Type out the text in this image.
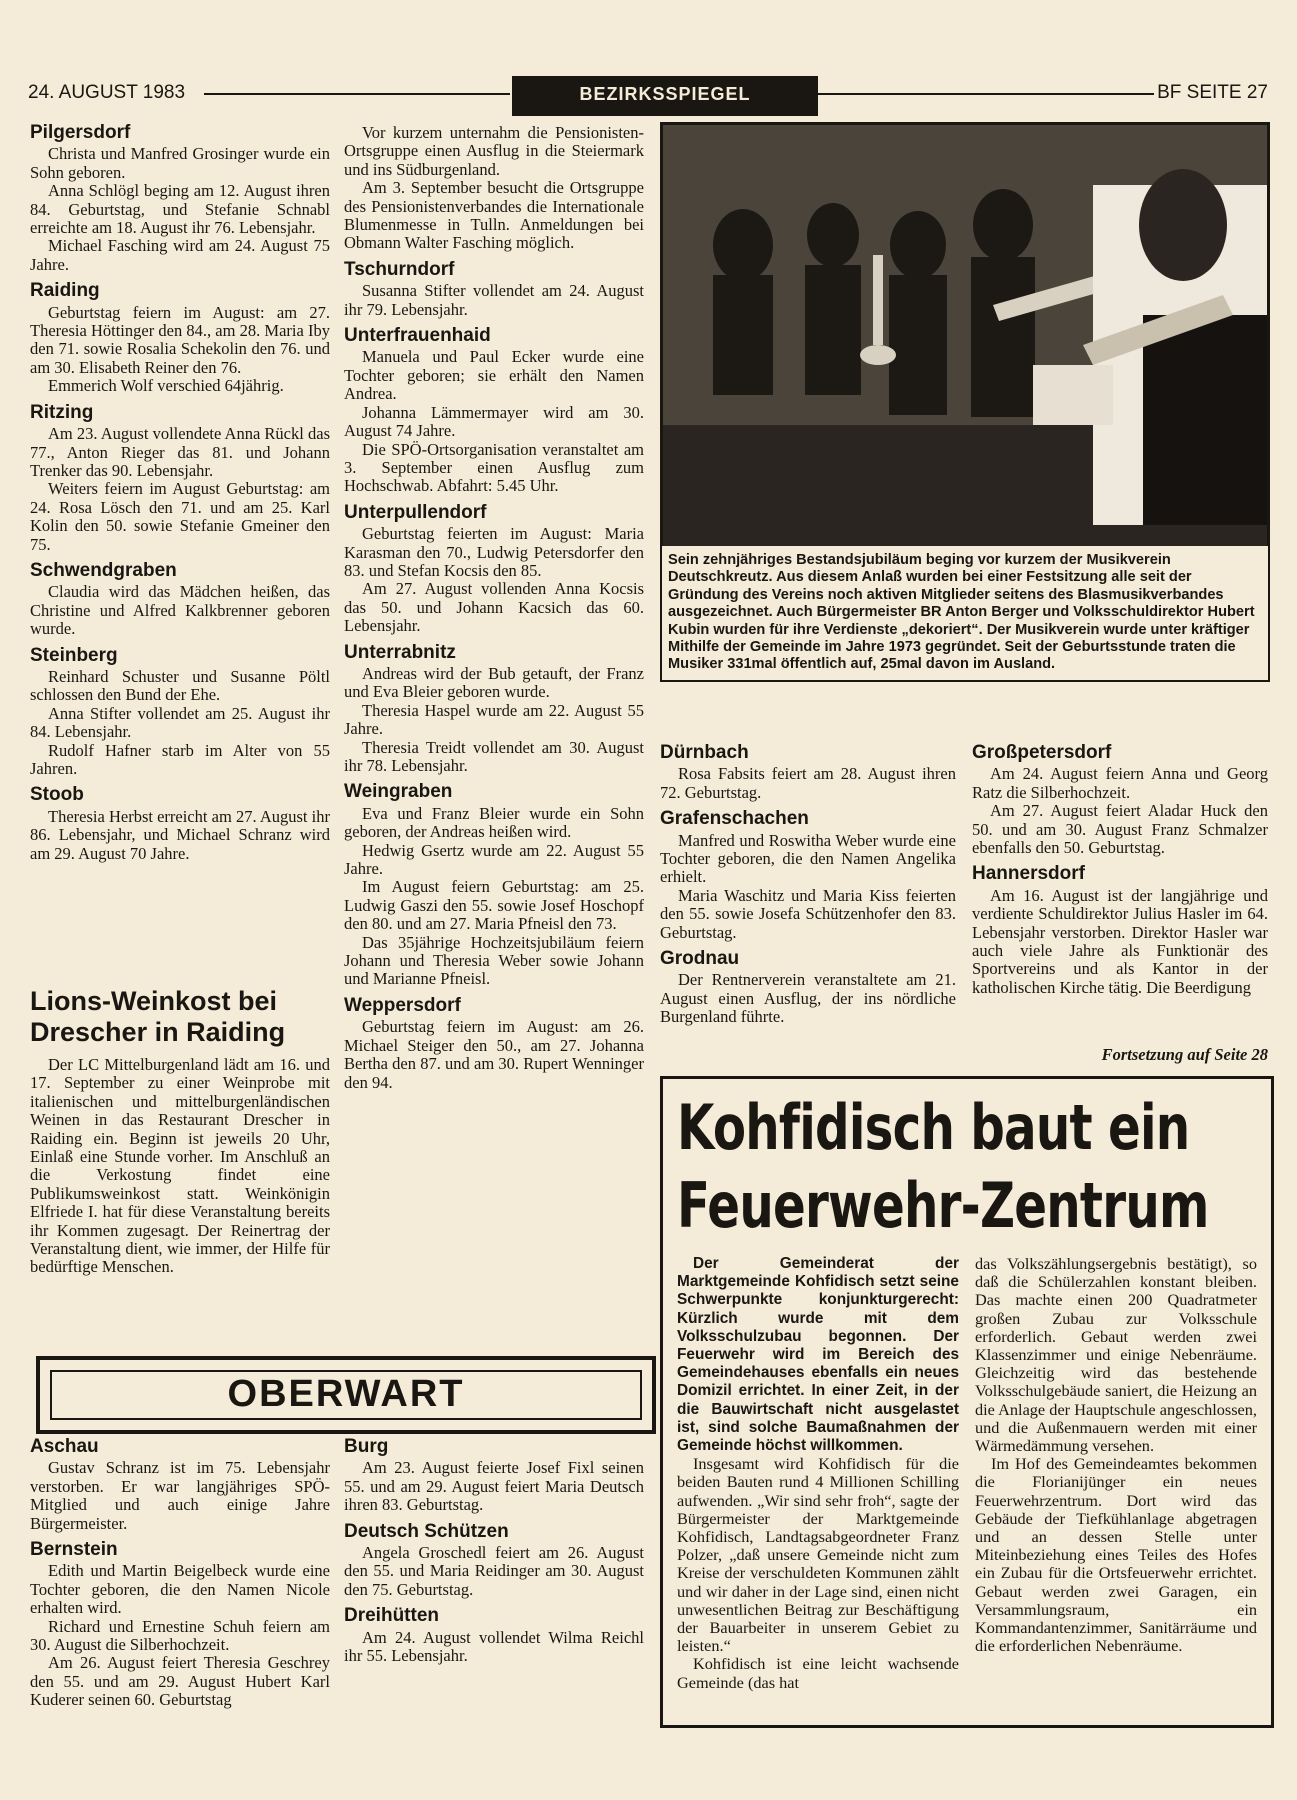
24. AUGUST 1983	BEZIRKSSPIEGEL	BF SEITE 27
Pilgersdorf

Christa und Manfred Grosinger wurde ein Sohn geboren.

Anna Schlögl beging am 12. August ihren 84. Geburtstag, und Stefanie Schnabl erreichte am 18. August ihr 76. Lebensjahr.

Michael Fasching wird am 24. August 75 Jahre.

Raiding

Geburtstag feiern im August: am 27. Theresia Höttinger den 84., am 28. Maria Iby den 71. sowie Rosalia Schekolin den 76. und am 30. Elisabeth Reiner den 76.

Emmerich Wolf verschied 64jährig.

Ritzing

Am 23. August vollendete Anna Rückl das 77., Anton Rieger das 81. und Johann Trenker das 90. Lebensjahr.

Weiters feiern im August Geburtstag: am 24. Rosa Lösch den 71. und am 25. Karl Kolin den 50. sowie Stefanie Gmeiner den 75.

Schwendgraben

Claudia wird das Mädchen heißen, das Christine und Alfred Kalkbrenner geboren wurde.

Steinberg

Reinhard Schuster und Susanne Pöltl schlossen den Bund der Ehe.

Anna Stifter vollendet am 25. August ihr 84. Lebensjahr.

Rudolf Hafner starb im Alter von 55 Jahren.

Stoob

Theresia Herbst erreicht am 27. August ihr 86. Lebensjahr, und Michael Schranz wird am 29. August 70 Jahre.

Lions-Weinkost bei Drescher in Raiding

Der LC Mittelburgenland lädt am 16. und 17. September zu einer Weinprobe mit italienischen und mittelburgenländischen Weinen in das Restaurant Drescher in Raiding ein. Beginn ist jeweils 20 Uhr, Einlaß eine Stunde vorher. Im Anschluß an die Verkostung findet eine Publikumsweinkost statt. Weinkönigin Elfriede I. hat für diese Veranstaltung bereits ihr Kommen zugesagt. Der Reinertrag der Veranstaltung dient, wie immer, der Hilfe für bedürftige Menschen.

Vor kurzem unternahm die Pensionisten-Ortsgruppe einen Ausflug in die Steiermark und ins Südburgenland.

Am 3. September besucht die Ortsgruppe des Pensionistenverbandes die Internationale Blumenmesse in Tulln. Anmeldungen bei Obmann Walter Fasching möglich.

Tschurndorf

Susanna Stifter vollendet am 24. August ihr 79. Lebensjahr.

Unterfrauenhaid

Manuela und Paul Ecker wurde eine Tochter geboren; sie erhält den Namen Andrea.

Johanna Lämmermayer wird am 30. August 74 Jahre.

Die SPÖ-Ortsorganisation veranstaltet am 3. September einen Ausflug zum Hochschwab. Abfahrt: 5.45 Uhr.

Unterpullendorf

Geburtstag feierten im August: Maria Karasman den 70., Ludwig Petersdorfer den 83. und Stefan Kocsis den 85.

Am 27. August vollenden Anna Kocsis das 50. und Johann Kacsich das 60. Lebensjahr.

Unterrabnitz

Andreas wird der Bub getauft, der Franz und Eva Bleier geboren wurde.

Theresia Haspel wurde am 22. August 55 Jahre.

Theresia Treidt vollendet am 30. August ihr 78. Lebensjahr.

Weingraben

Eva und Franz Bleier wurde ein Sohn geboren, der Andreas heißen wird.

Hedwig Gsertz wurde am 22. August 55 Jahre.

Im August feiern Geburtstag: am 25. Ludwig Gaszi den 55. sowie Josef Hoschopf den 80. und am 27. Maria Pfneisl den 73.

Das 35jährige Hochzeitsjubiläum feiern Johann und Theresia Weber sowie Johann und Marianne Pfneisl.

Weppersdorf

Geburtstag feiern im August: am 26. Michael Steiger den 50., am 27. Johanna Bertha den 87. und am 30. Rupert Wenninger den 94.

Sein zehnjähriges Bestandsjubiläum beging vor kurzem der Musikverein Deutschkreutz. Aus diesem Anlaß wurden bei einer Festsitzung alle seit der Gründung des Vereins noch aktiven Mitglieder seitens des Blasmusikverbandes ausgezeichnet. Auch Bürgermeister BR Anton Berger und Volksschuldirektor Hubert Kubin wurden für ihre Verdienste „dekoriert“. Der Musikverein wurde unter kräftiger Mithilfe der Gemeinde im Jahre 1973 gegründet. Seit der Geburtsstunde traten die Musiker 331mal öffentlich auf, 25mal davon im Ausland.
Dürnbach

Rosa Fabsits feiert am 28. August ihren 72. Geburtstag.

Grafenschachen

Manfred und Roswitha Weber wurde eine Tochter geboren, die den Namen Angelika erhielt.

Maria Waschitz und Maria Kiss feierten den 55. sowie Josefa Schützenhofer den 83. Geburtstag.

Grodnau

Der Rentnerverein veranstaltete am 21. August einen Ausflug, der ins nördliche Burgenland führte.

Großpetersdorf

Am 24. August feiern Anna und Georg Ratz die Silberhochzeit.

Am 27. August feiert Aladar Huck den 50. und am 30. August Franz Schmalzer ebenfalls den 50. Geburtstag.

Hannersdorf

Am 16. August ist der langjährige und verdiente Schuldirektor Julius Hasler im 64. Lebensjahr verstorben. Direktor Hasler war auch viele Jahre als Funktionär des Sportvereins und als Kantor in der katholischen Kirche tätig. Die Beerdigung

Fortsetzung auf Seite 28
OBERWART
Aschau

Gustav Schranz ist im 75. Lebensjahr verstorben. Er war langjähriges SPÖ-Mitglied und auch einige Jahre Bürgermeister.

Bernstein

Edith und Martin Beigelbeck wurde eine Tochter geboren, die den Namen Nicole erhalten wird.

Richard und Ernestine Schuh feiern am 30. August die Silberhochzeit.

Am 26. August feiert Theresia Geschrey den 55. und am 29. August Hubert Karl Kuderer seinen 60. Geburtstag

Burg

Am 23. August feierte Josef Fixl seinen 55. und am 29. August feiert Maria Deutsch ihren 83. Geburtstag.

Deutsch Schützen

Angela Groschedl feiert am 26. August den 55. und Maria Reidinger am 30. August den 75. Geburtstag.

Dreihütten

Am 24. August vollendet Wilma Reichl ihr 55. Lebensjahr.

Kohfidisch baut ein
Feuerwehr-Zentrum

Der Gemeinderat der Marktgemeinde Kohfidisch setzt seine Schwerpunkte konjunkturgerecht: Kürzlich wurde mit dem Volksschulzubau begonnen. Der Feuerwehr wird im Bereich des Gemeindehauses ebenfalls ein neues Domizil errichtet. In einer Zeit, in der die Bauwirtschaft nicht ausgelastet ist, sind solche Baumaßnahmen der Gemeinde höchst willkommen.

Insgesamt wird Kohfidisch für die beiden Bauten rund 4 Millionen Schilling aufwenden. „Wir sind sehr froh“, sagte der Bürgermeister der Marktgemeinde Kohfidisch, Landtagsabgeordneter Franz Polzer, „daß unsere Gemeinde nicht zum Kreise der verschuldeten Kommunen zählt und wir daher in der Lage sind, einen nicht unwesentlichen Beitrag zur Beschäftigung der Bauarbeiter in unserem Gebiet zu leisten.“

Kohfidisch ist eine leicht wachsende Gemeinde (das hat

das Volkszählungsergebnis bestätigt), so daß die Schülerzahlen konstant bleiben. Das machte einen 200 Quadratmeter großen Zubau zur Volksschule erforderlich. Gebaut werden zwei Klassenzimmer und einige Nebenräume. Gleichzeitig wird das bestehende Volksschulgebäude saniert, die Heizung an die Anlage der Hauptschule angeschlossen, und die Außenmauern werden mit einer Wärmedämmung versehen.

Im Hof des Gemeindeamtes bekommen die Florianijünger ein neues Feuerwehrzentrum. Dort wird das Gebäude der Tiefkühlanlage abgetragen und an dessen Stelle unter Miteinbeziehung eines Teiles des Hofes ein Zubau für die Ortsfeuerwehr errichtet. Gebaut werden zwei Garagen, ein Versammlungsraum, ein Kommandantenzimmer, Sanitärräume und die erforderlichen Nebenräume.
